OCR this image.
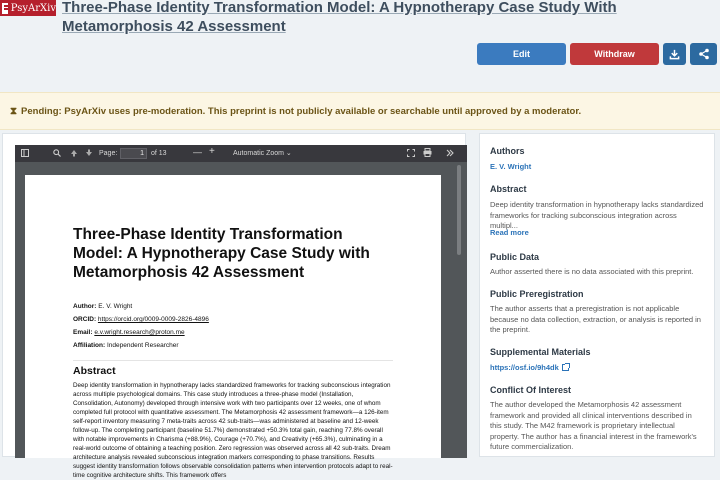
PsyArXiv Three-Phase Identity Transformation Model: A Hypnotherapy Case Study With Metamorphosis 42 Assessment
Edit	Withdraw
⧗ Pending: PsyArXiv uses pre-moderation. This preprint is not publicly available or searchable until approved by a moderator.
Page:	1	of 13	— +	Automatic Zoom ⌄
Three-Phase Identity Transformation Model: A Hypnotherapy Case Study with Metamorphosis 42 Assessment
Author: E. V. Wright
ORCID: https://orcid.org/0009-0009-2826-4896
Email: e.v.wright.research@proton.me
Affiliation: Independent Researcher
Abstract
Deep identity transformation in hypnotherapy lacks standardized frameworks for tracking subconscious integration across multiple psychological domains. This case study introduces a three-phase model (Installation, Consolidation, Autonomy) developed through intensive work with two participants over 12 weeks, one of whom completed full protocol with quantitative assessment. The Metamorphosis 42 assessment framework—a 126-item self-report inventory measuring 7 meta-traits across 42 sub-traits—was administered at baseline and 12-week follow-up. The completing participant (baseline 51.7%) demonstrated +50.3% total gain, reaching 77.8% overall with notable improvements in Charisma (+88.9%), Courage (+70.7%), and Creativity (+65.3%), culminating in a real-world outcome of obtaining a teaching position. Zero regression was observed across all 42 sub-traits. Dream architecture analysis revealed subconscious integration markers corresponding to phase transitions. Results suggest identity transformation follows observable consolidation patterns when intervention protocols adapt to real-time cognitive architecture shifts. This framework offers
Authors
E. V. Wright
Abstract
Deep identity transformation in hypnotherapy lacks standardized frameworks for tracking subconscious integration across multipl...
Read more
Public Data
Author asserted there is no data associated with this preprint.
Public Preregistration
The author asserts that a preregistration is not applicable because no data collection, extraction, or analysis is reported in the preprint.
Supplemental Materials
https://osf.io/9h4dk
Conflict Of Interest
The author developed the Metamorphosis 42 assessment framework and provided all clinical interventions described in this study. The M42 framework is proprietary intellectual property. The author has a financial interest in the framework's future commercialization.
